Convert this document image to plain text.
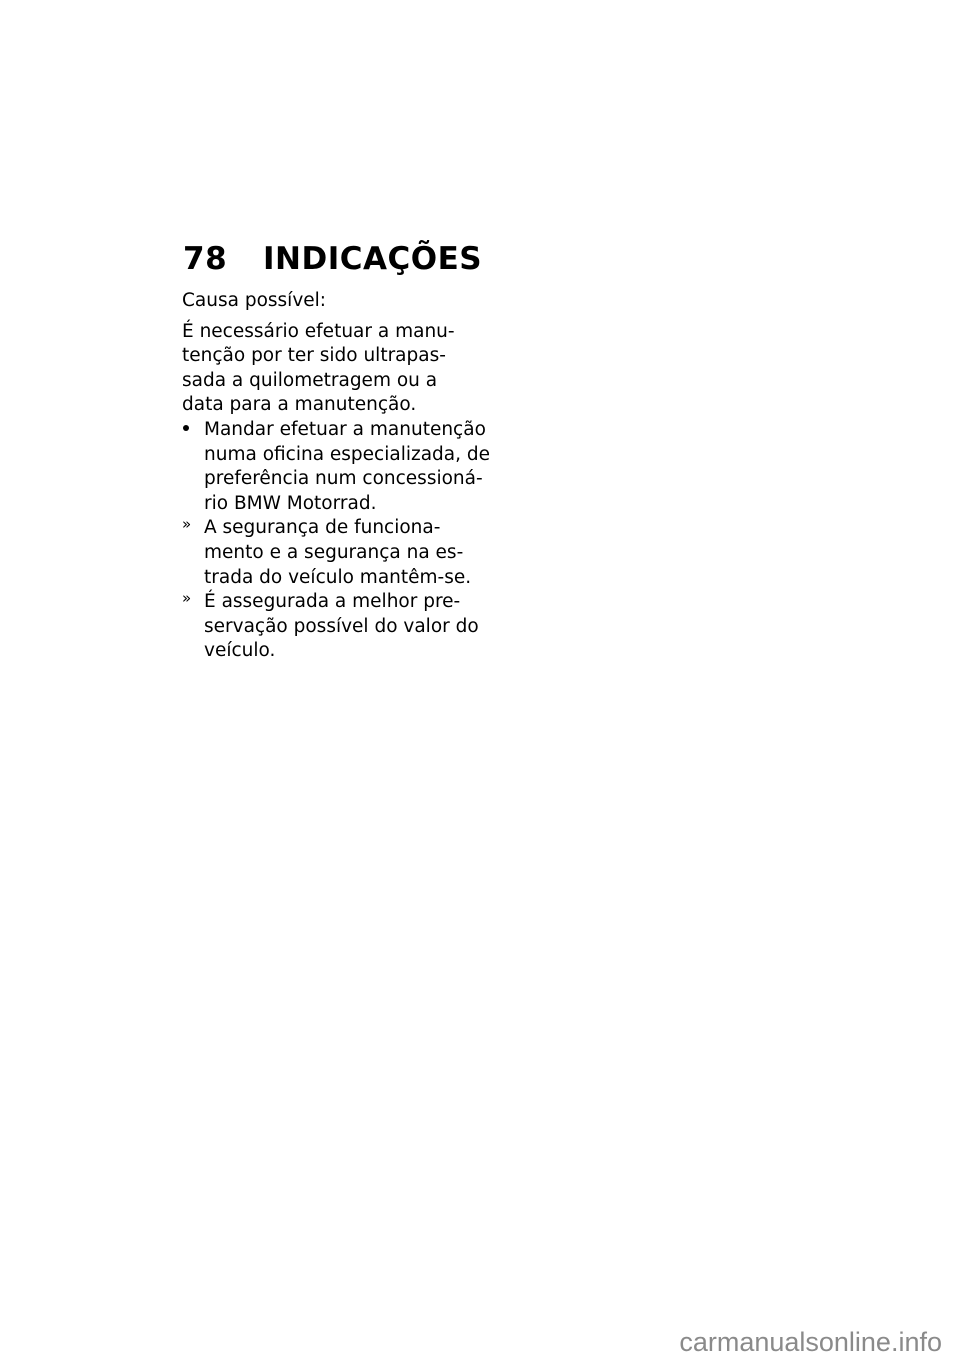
78	INDICAÇÕES
Causa possível:
É necessário efetuar a manu-
tenção por ter sido ultrapas-
sada a quilometragem ou a
data para a manutenção.
Mandar efetuar a manutenção
numa oficina especializada, de
preferência num concessioná-
rio BMW Motorrad.
» A segurança de funciona-
mento e a segurança na es-
trada do veículo mantêm-se.
» É assegurada a melhor pre-
servação possível do valor do
veículo.
carmanualsonline.info
